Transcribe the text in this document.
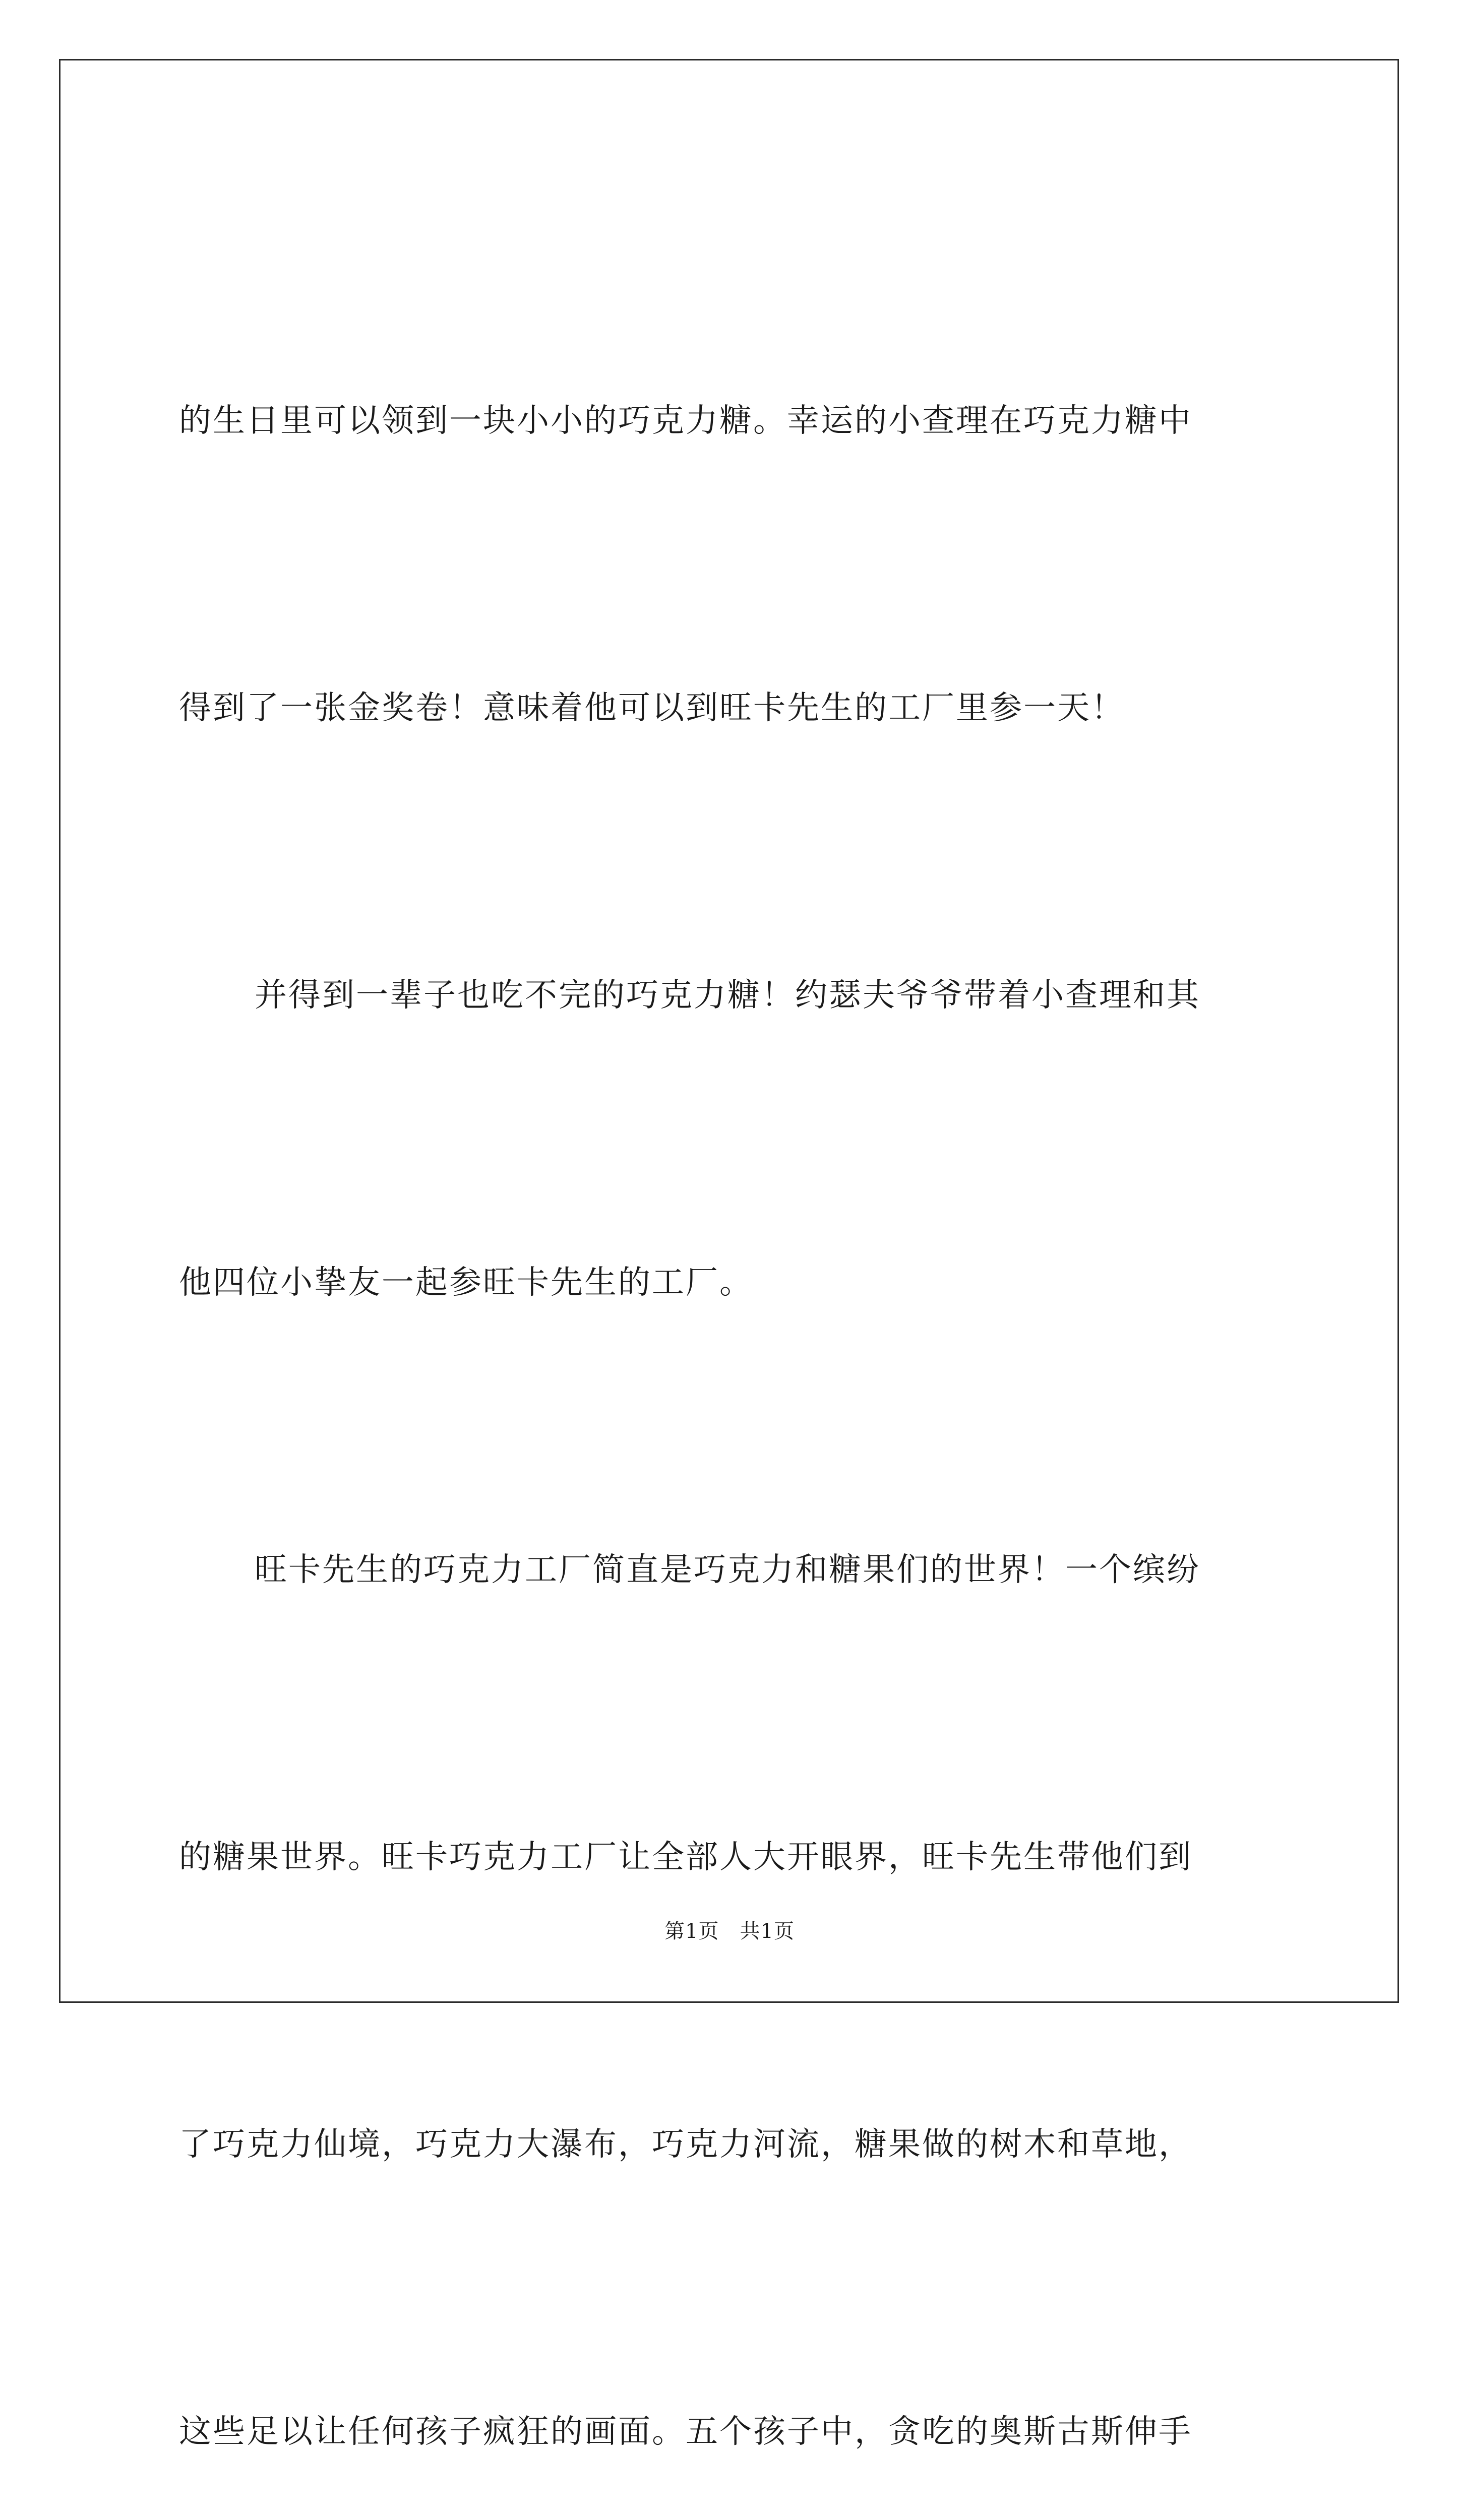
的生日里可以领到一块小小的巧克力糖。幸运的小查理在巧克力糖中

得到了一张金奖卷！意味着他可以到旺卡先生的工厂里参一天！

并得到一辈子也吃不完的巧克力糖！约瑟夫爷爷带着小查理和其

他四位小挚友一起参旺卡先生的工厂。

旺卡先生的巧克力工厂简直是巧克力和糖果们的世界！一个缤纷

的糖果世界。旺卡巧克力工厂让全部人大开眼界，旺卡先生带他们到

了巧克力仙境，巧克力大瀑布，巧克力河流，糖果做的树木和草地，

这些足以让任何孩子疯狂的画面。五个孩子中，贪吃的奥斯古斯伸手

第1页　共1页
